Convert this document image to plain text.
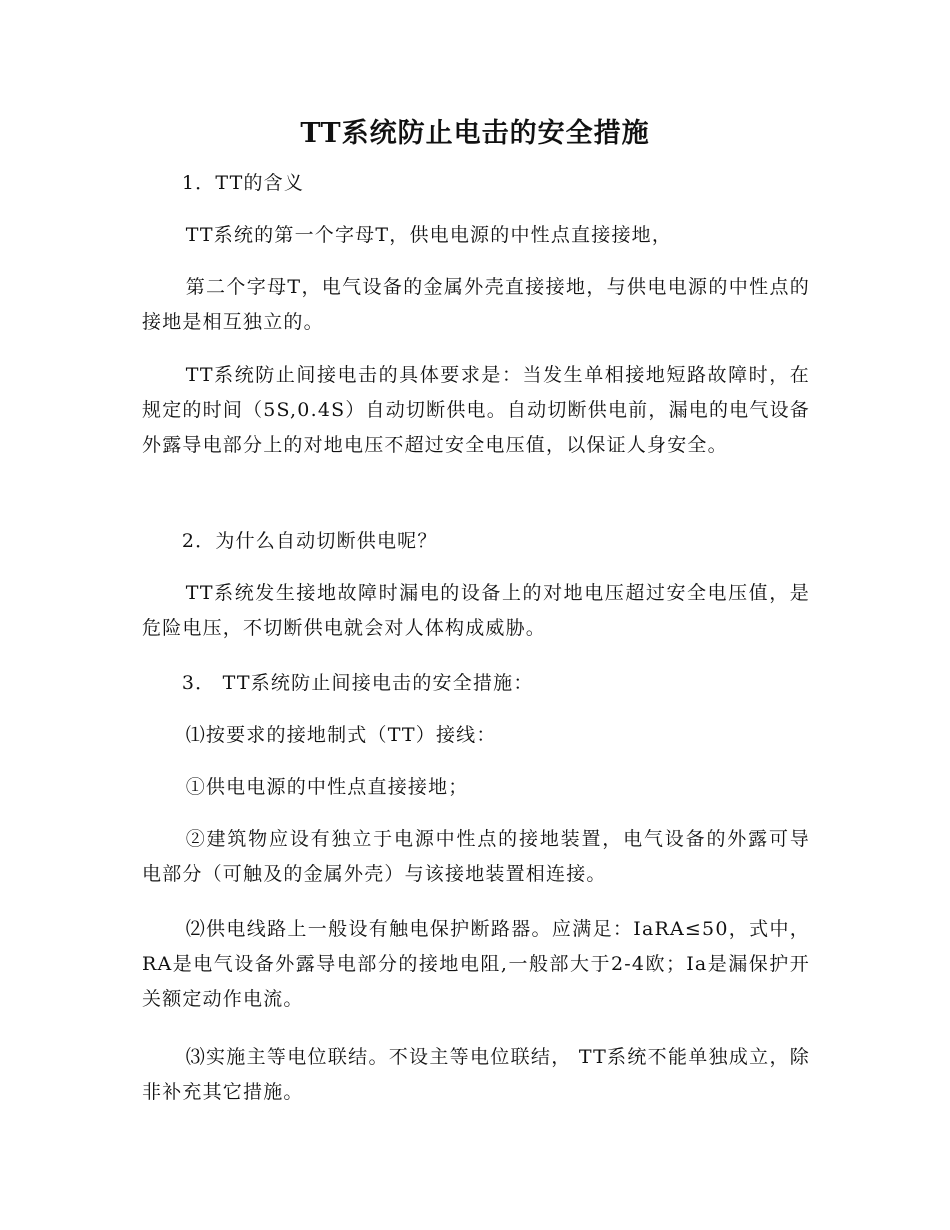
TT系统防止电击的安全措施

1．TT的含义

TT系统的第一个字母T，供电电源的中性点直接接地，

第二个字母T，电气设备的金属外壳直接接地，与供电电源的中性点的接地是相互独立的。

TT系统防止间接电击的具体要求是：当发生单相接地短路故障时，在规定的时间（5S,0.4S）自动切断供电。自动切断供电前，漏电的电气设备外露导电部分上的对地电压不超过安全电压值，以保证人身安全。

2．为什么自动切断供电呢？

TT系统发生接地故障时漏电的设备上的对地电压超过安全电压值，是危险电压，不切断供电就会对人体构成威胁。

3． TT系统防止间接电击的安全措施：

⑴按要求的接地制式（TT）接线：

①供电电源的中性点直接接地；

②建筑物应设有独立于电源中性点的接地装置，电气设备的外露可导电部分（可触及的金属外壳）与该接地装置相连接。

⑵供电线路上一般设有触电保护断路器。应满足：IaRA≤50，式中，RA是电气设备外露导电部分的接地电阻,一般部大于2-4欧；Ia是漏保护开关额定动作电流。

⑶实施主等电位联结。不设主等电位联结， TT系统不能单独成立，除非补充其它措施。
